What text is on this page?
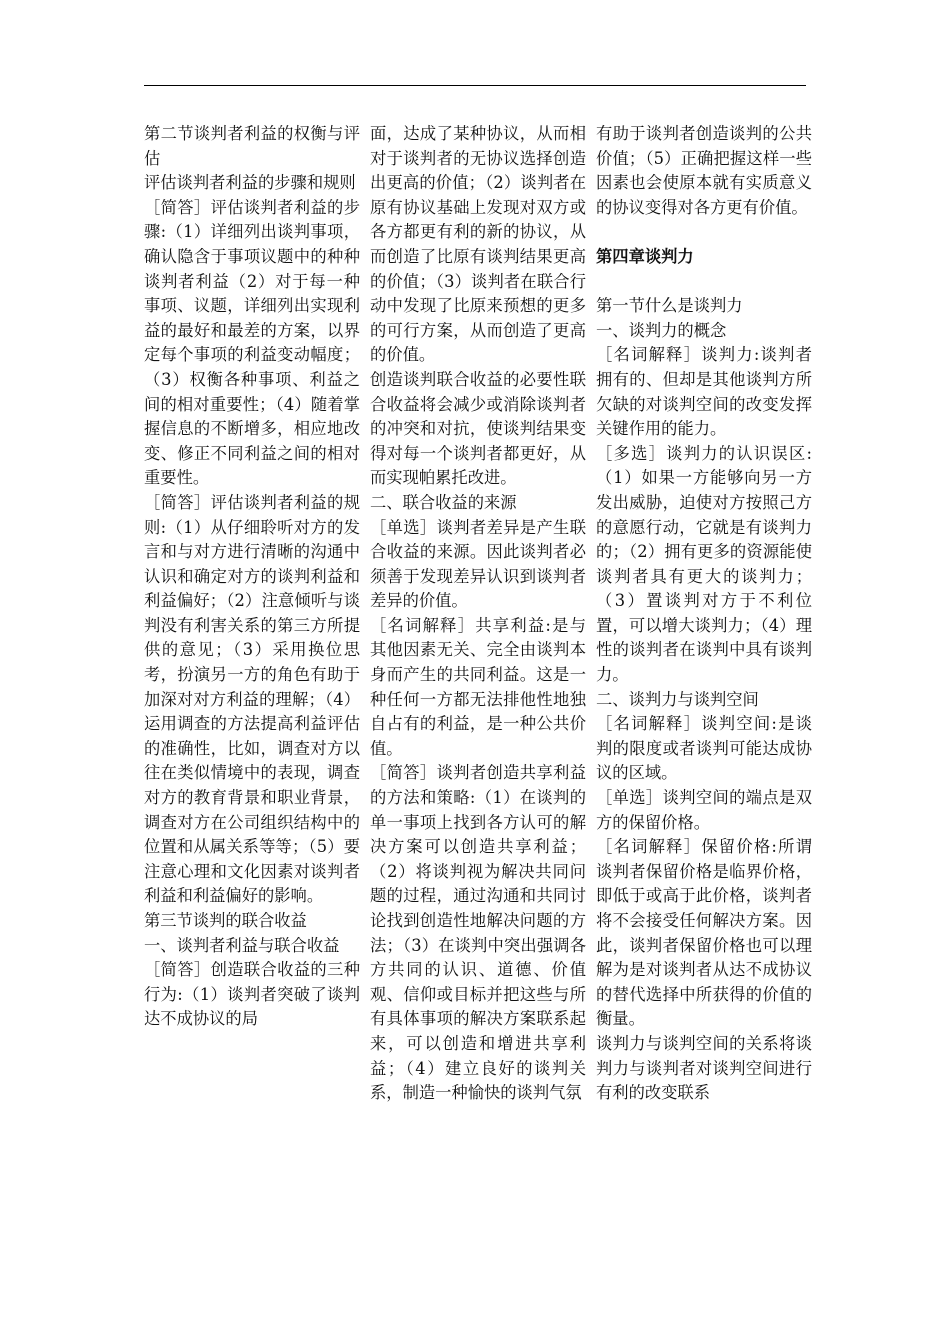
第二节谈判者利益的权衡与评估

评估谈判者利益的步骤和规则

［简答］评估谈判者利益的步骤:（1）详细列出谈判事项，确认隐含于事项议题中的种种谈判者利益（2）对于每一种事项、议题，详细列出实现利益的最好和最差的方案，以界定每个事项的利益变动幅度；（3）权衡各种事项、利益之间的相对重要性；（4）随着掌握信息的不断增多，相应地改变、修正不同利益之间的相对重要性。

［简答］评估谈判者利益的规则:（1）从仔细聆听对方的发言和与对方进行清晰的沟通中认识和确定对方的谈判利益和利益偏好；（2）注意倾听与谈判没有利害关系的第三方所提供的意见；（3）采用换位思考，扮演另一方的角色有助于加深对对方利益的理解；（4）运用调查的方法提高利益评估的准确性，比如，调查对方以往在类似情境中的表现，调查对方的教育背景和职业背景，调查对方在公司组织结构中的位置和从属关系等等；（5）要注意心理和文化因素对谈判者利益和利益偏好的影响。

第三节谈判的联合收益

一、谈判者利益与联合收益

［简答］创造联合收益的三种行为:（1）谈判者突破了谈判达不成协议的局

面，达成了某种协议，从而相对于谈判者的无协议选择创造出更高的价值；（2）谈判者在原有协议基础上发现对双方或各方都更有利的新的协议，从而创造了比原有谈判结果更高的价值；（3）谈判者在联合行动中发现了比原来预想的更多的可行方案，从而创造了更高的价值。

创造谈判联合收益的必要性联合收益将会减少或消除谈判者的冲突和对抗，使谈判结果变得对每一个谈判者都更好，从而实现帕累托改进。

二、联合收益的来源

［单选］谈判者差异是产生联合收益的来源。因此谈判者必须善于发现差异认识到谈判者差异的价值。

［名词解释］共享利益:是与其他因素无关、完全由谈判本身而产生的共同利益。这是一种任何一方都无法排他性地独自占有的利益，是一种公共价值。

［简答］谈判者创造共享利益的方法和策略:（1）在谈判的单一事项上找到各方认可的解决方案可以创造共享利益；（2）将谈判视为解决共同问题的过程，通过沟通和共同讨论找到创造性地解决问题的方法；（3）在谈判中突出强调各方共同的认识、道德、价值观、信仰或目标并把这些与所有具体事项的解决方案联系起来，可以创造和增进共享利益；（4）建立良好的谈判关系，制造一种愉快的谈判气氛

有助于谈判者创造谈判的公共价值；（5）正确把握这样一些因素也会使原本就有实质意义的协议变得对各方更有价值。

第四章谈判力

第一节什么是谈判力

一、谈判力的概念

［名词解释］谈判力:谈判者拥有的、但却是其他谈判方所欠缺的对谈判空间的改变发挥关键作用的能力。

［多选］谈判力的认识误区:（1）如果一方能够向另一方发出威胁，迫使对方按照己方的意愿行动，它就是有谈判力的；（2）拥有更多的资源能使谈判者具有更大的谈判力；（3）置谈判对方于不利位置，可以增大谈判力；（4）理性的谈判者在谈判中具有谈判力。

二、谈判力与谈判空间

［名词解释］谈判空间:是谈判的限度或者谈判可能达成协议的区域。

［单选］谈判空间的端点是双方的保留价格。

［名词解释］保留价格:所谓谈判者保留价格是临界价格，即低于或高于此价格，谈判者将不会接受任何解决方案。因此，谈判者保留价格也可以理解为是对谈判者从达不成协议的替代选择中所获得的价值的衡量。

谈判力与谈判空间的关系将谈判力与谈判者对谈判空间进行有利的改变联系
